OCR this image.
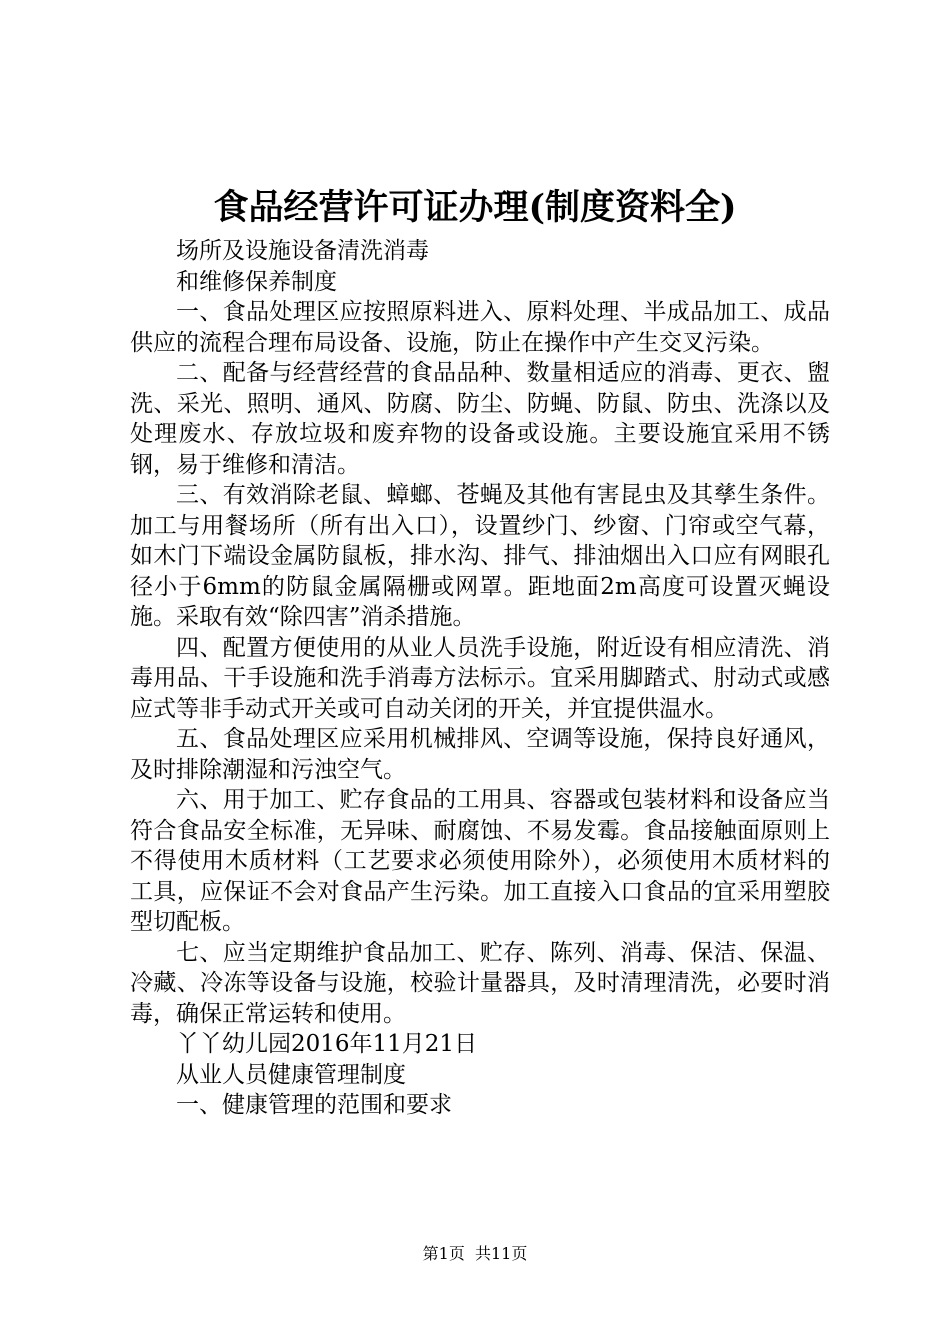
食品经营许可证办理(制度资料全)

场所及设施设备清洗消毒

和维修保养制度

一、食品处理区应按照原料进入、原料处理、半成品加工、成品供应的流程合理布局设备、设施，防止在操作中产生交叉污染。

二、配备与经营经营的食品品种、数量相适应的消毒、更衣、盥洗、采光、照明、通风、防腐、防尘、防蝇、防鼠、防虫、洗涤以及处理废水、存放垃圾和废弃物的设备或设施。主要设施宜采用不锈钢，易于维修和清洁。

三、有效消除老鼠、蟑螂、苍蝇及其他有害昆虫及其孳生条件。加工与用餐场所（所有出入口），设置纱门、纱窗、门帘或空气幕，如木门下端设金属防鼠板，排水沟、排气、排油烟出入口应有网眼孔径小于6mm的防鼠金属隔栅或网罩。距地面2m高度可设置灭蝇设施。采取有效“除四害”消杀措施。

四、配置方便使用的从业人员洗手设施，附近设有相应清洗、消毒用品、干手设施和洗手消毒方法标示。宜采用脚踏式、肘动式或感应式等非手动式开关或可自动关闭的开关，并宜提供温水。

五、食品处理区应采用机械排风、空调等设施，保持良好通风，及时排除潮湿和污浊空气。

六、用于加工、贮存食品的工用具、容器或包装材料和设备应当符合食品安全标准，无异味、耐腐蚀、不易发霉。食品接触面原则上不得使用木质材料（工艺要求必须使用除外），必须使用木质材料的工具，应保证不会对食品产生污染。加工直接入口食品的宜采用塑胶型切配板。

七、应当定期维护食品加工、贮存、陈列、消毒、保洁、保温、冷藏、冷冻等设备与设施，校验计量器具，及时清理清洗，必要时消毒，确保正常运转和使用。

丫丫幼儿园2016年11月21日

从业人员健康管理制度

一、健康管理的范围和要求

第1页  共11页
